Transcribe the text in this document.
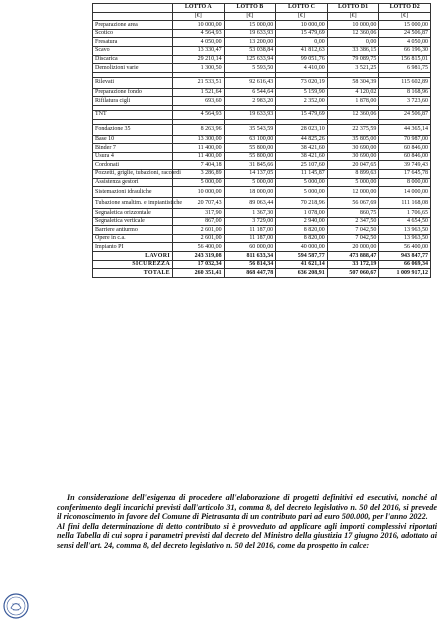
	LOTTO A	LOTTO B	LOTTO C	LOTTO D1	LOTTO D2
	[€]	[€]	[€]	[€]	[€]
Preparazione area	10 000,00	15 000,00	10 000,00	10 000,00	15 000,00
Scotico	4 564,93	19 633,93	15 479,69	12 360,06	24 506,87
Fresatura	4 050,00	13 200,00	0,00	0,00	4 050,00
Scavo	13 330,47	53 038,84	41 812,63	33 386,15	66 196,30
Discarica	29 210,14	125 633,94	99 051,76	79 089,75	156 815,01
Demolizioni varie	1 300,50	5 593,50	4 410,00	3 521,25	6 981,75

Rilevati	21 533,51	92 616,43	73 020,19	58 304,39	115 602,89
Preparazione fondo	1 521,64	6 544,64	5 159,90	4 120,02	8 168,96
Rifilatura cigli	693,60	2 983,20	2 352,00	1 878,00	3 723,60

TNT	4 564,93	19 633,93	15 479,69	12 360,06	24 506,87

Fondazione 35	8 263,96	35 543,59	28 023,10	22 375,59	44 365,14
Base 10	13 300,00	63 100,00	44 825,26	35 805,00	70 987,00
Binder 7	11 400,00	55 800,00	38 421,60	30 690,00	60 846,00
Usura 4	11 400,00	55 800,00	38 421,60	30 690,00	60 846,00
Cordonati	7 404,18	31 845,66	25 107,60	20 047,65	39 749,43
Pozzetti, griglie, tubazioni, raccordi	3 286,89	14 137,05	11 145,87	8 899,63	17 645,78
Assistenza gestori	5 000,00	5 000,00	5 000,00	5 000,00	8 000,00
Sistemazioni idrauliche	10 000,00	18 000,00	5 000,00	12 000,00	14 000,00
Tubazione smaltim. e impiantistiche	20 707,43	89 063,44	70 218,96	56 067,69	111 168,08
Segnaletica orizzontale	317,90	1 367,30	1 078,00	860,75	1 706,65
Segnaletica verticale	867,00	3 729,00	2 940,00	2 347,50	4 654,50
Barriere antiurmo	2 601,00	11 187,00	8 820,00	7 042,50	13 963,50
Opere in c.a.	2 601,00	11 187,00	8 820,00	7 042,50	13 963,50
Impianto PI	56 400,00	60 000,00	40 000,00	20 000,00	56 400,00
LAVORI	243 319,08	811 633,34	594 587,77	473 888,47	943 847,77
SICUREZZA	17 032,34	56 814,34	41 621,14	33 172,19	66 069,34
TOTALE	260 351,41	868 447,78	636 208,91	507 060,67	1 009 917,12

In considerazione dell'esigenza di procedere all'elaborazione di progetti definitivi ed esecutivi, nonché al conferimento degli incarichi previsti dall'articolo 31, comma 8, del decreto legislativo n. 50 del 2016, si prevede il riconoscimento in favore del Comune di Pietrasanta di un contributo pari ad euro 500.000, per l'anno 2022.

Al fini della determinazione di detto contributo si è provveduto ad applicare agli importi complessivi riportati nella Tabella di cui sopra i parametri previsti dal decreto del Ministro della giustizia 17 giugno 2016, adottato ai sensi dell'art. 24, comma 8, del decreto legislativo n. 50 del 2016, come da prospetto in calce:
